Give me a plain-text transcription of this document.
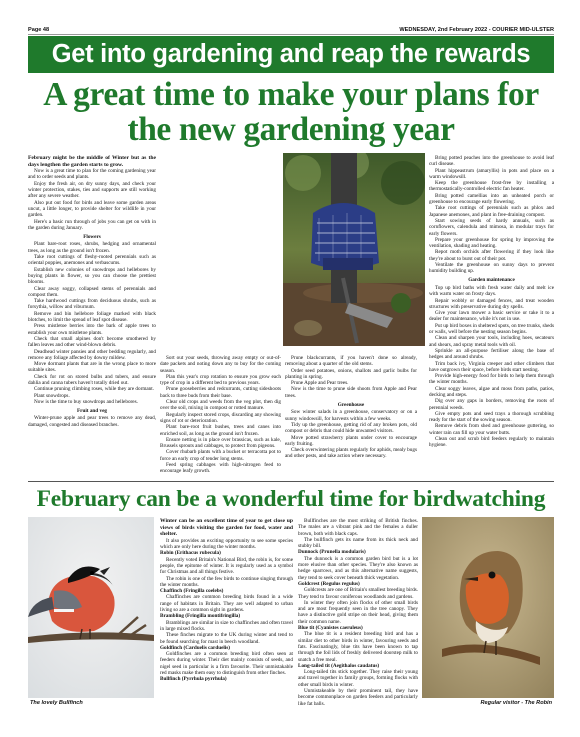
Page 48	WEDNESDAY, 2nd February 2022 - COURIER MID-ULSTER
Get into gardening and reap the rewards
A great time to make your plans for the new gardening year

February might be the middle of Winter but as the days lengthen the garden starts to grow.

Now is a great time to plan for the coming gardening year and to order seeds and plants.

Enjoy the fresh air, on dry sunny days, and check your winter protection, stakes, ties and supports are still working after any severe weather.

Also put out food for birds and leave some garden areas uncut, a little longer, to provide shelter for wildlife in your garden.

Here's a basic run through of jobs you can get on with in the garden during January.

Flowers

Plant bare-root roses, shrubs, hedging and ornamental trees, as long as the ground isn't frozen.

Take root cuttings of fleshy-rooted perennials such as oriental poppies, anemones and verbascums.

Establish new colonies of snowdrops and hellebores by buying plants in flower, so you can choose the prettiest blooms.

Clear away soggy, collapsed stems of perennials and compost them.

Take hardwood cuttings from deciduous shrubs, such as forsythia, willow and viburnum.

Remove and bin hellebore foliage marked with black blotches, to limit the spread of leaf spot disease.

Press mistletoe berries into the bark of apple trees to establish your own mistletoe plants.

Check that small alpines don't become smothered by fallen leaves and other wind-blown debris.

Deadhead winter pansies and other bedding regularly, and remove any foliage affected by downy mildew.

Move dormant plants that are in the wrong place to more suitable sites.

Check for rot on stored bulbs and tubers, and ensure dahlia and canna tubers haven't totally dried out.

Continue pruning climbing roses, while they are dormant.

Plant snowdrops.

Now is the time to buy snowdrops and hellebores.

Fruit and veg

Winter-prune apple and pear trees to remove any dead, damaged, congested and diseased branches.

Sort out your seeds, throwing away empty or out-of-date packets and noting down any to buy for the coming season.

Plan this year's crop rotation to ensure you grow each type of crop in a different bed to previous years.

Prune gooseberries and redcurrants, cutting sideshoots back to three buds from their base.

Clear old crops and weeds from the veg plot, then dig over the soil, mixing in compost or rotted manure.

Regularly inspect stored crops, discarding any showing signs of rot or deterioration.

Plant bare-root fruit bushes, trees and canes into enriched soil, as long as the ground isn't frozen.

Ensure netting is in place over brassicas, such as kale, Brussels sprouts and cabbages, to protect from pigeons.

Cover rhubarb plants with a bucket or terracotta pot to force an early crop of tender long stems.

Feed spring cabbages with high-nitrogen feed to encourage leafy growth.

Prune blackcurrants, if you haven't done so already, removing about a quarter of the old stems.

Order seed potatoes, onions, shallots and garlic bulbs for planting in spring.

Prune Apple and Pear trees.

Now is the time to prune side shoots from Apple and Pear trees.

Greenhouse

Sow winter salads in a greenhouse, conservatory or on a sunny windowsill, for harvests within a few weeks.

Tidy up the greenhouse, getting rid of any broken pots, old compost or debris that could hide unwanted visitors.

Move potted strawberry plants under cover to encourage early fruiting.

Check overwintering plants regularly for aphids, mealy bugs and other pests, and take action where necessary.

Bring potted peaches into the greenhouse to avoid leaf curl disease.

Plant hippeastrum (amaryllis) in pots and place on a warm windowsill.

Keep the greenhouse frost-free by installing a thermostatically-controlled electric fan heater.

Bring potted camellias into an unheated porch or greenhouse to encourage early flowering.

Take root cuttings of perennials such as phlox and Japanese anemones, and plant in free-draining compost.

Start sowing seeds of hardy annuals, such as cornflowers, calendula and mimosa, in modular trays for early flowers.

Prepare your greenhouse for spring by improving the ventilation, shading and heating.

Repot moth orchids after flowering if they look like they're about to burst out of their pot.

Ventilate the greenhouse on sunny days to prevent humidity building up.

Garden maintenance

Top up bird baths with fresh water daily and melt ice with warm water on frosty days.

Repair wobbly or damaged fences, and treat wooden structures with preservative during dry spells.

Give your lawn mower a basic service or take it to a dealer for maintenance, while it's not in use.

Put up bird boxes in sheltered spots, on tree trunks, sheds or walls, well before the nesting season begins.

Clean and sharpen your tools, including hoes, secateurs and shears, and spray metal tools with oil.

Sprinkle an all-purpose fertiliser along the base of hedges and around shrubs.

Trim back ivy, Virginia creeper and other climbers that have outgrown their space, before birds start nesting.

Provide high-energy food for birds to help them through the winter months.

Clear soggy leaves, algae and moss from paths, patios, decking and steps.

Dig over any gaps in borders, removing the roots of perennial weeds.

Give empty pots and seed trays a thorough scrubbing ready for the start of the sowing season.

Remove debris from shed and greenhouse guttering, so winter rain can fill up your water butts.

Clean out and scrub bird feeders regularly to maintain hygiene.

February can be a wonderful time for birdwatching

Winter can be an excellent time of year to get close up views of birds visiting the garden for food, water and shelter.

It also provides an exciting opportunity to see some species which are only here during the winter months.

Robin (Erithacus rubecula)

Recently voted Britain's National Bird, the robin is, for some people, the epitome of winter. It is regularly used as a symbol for Christmas and all things festive.

The robin is one of the few birds to continue singing through the winter months.

Chaffinch (Fringilla coelebs)

Chaffinches are common breeding birds found in a wide range of habitats in Britain. They are well adapted to urban living so are a common sight in gardens.

Brambling (Fringilla montifringilla)

Bramblings are similar in size to chaffinches and often travel in large mixed flocks.

These finches migrate to the UK during winter and tend to be found searching for mast in beech woodland.

Goldfinch (Carduelis carduelis)

Goldfinches are a common breeding bird often seen at feeders during winter. Their diet mainly consists of seeds, and nigel seed in particular is a firm favourite. Their unmistakable red masks make them easy to distinguish from other finches.

Bullfinch (Pyrrhula pyrrhula)

Bullfinches are the most striking of British finches. The males are a vibrant pink and the females a duller brown, both with black caps.

The bullfinch gets its name from its thick neck and stubby bill.

Dunnock (Prunella modularis)

The dunnock is a common garden bird but is a lot more elusive than other species. They're also known as hedge sparrows, and as this alternative name suggests, they tend to seek cover beneath thick vegetation.

Goldcrest (Regulus regulus)

Goldcrests are one of Britain's smallest breeding birds. They tend to favour coniferous woodlands and gardens.

In winter they often join flocks of other small birds and are most frequently seen in the tree canopy. They have a distinctive gold stripe on their head, giving them their common name.

Blue tit (Cyanistes caeruleus)

The blue tit is a resident breeding bird and has a similar diet to other birds in winter, favouring seeds and fats. Fascinatingly, blue tits have been known to tap through the foil lids of freshly delivered doorstep milk to snatch a free meal.

Long-tailed tit (Aegithalos caudatus)

Long-tailed tits stick together. They raise their young and travel together in family groups, forming flocks with other small birds in winter.

Unmistakeable by their prominent tail, they have become commonplace on garden feeders and particularly like fat balls.

The lovely Bullfinch	Regular visitor - The Robin
